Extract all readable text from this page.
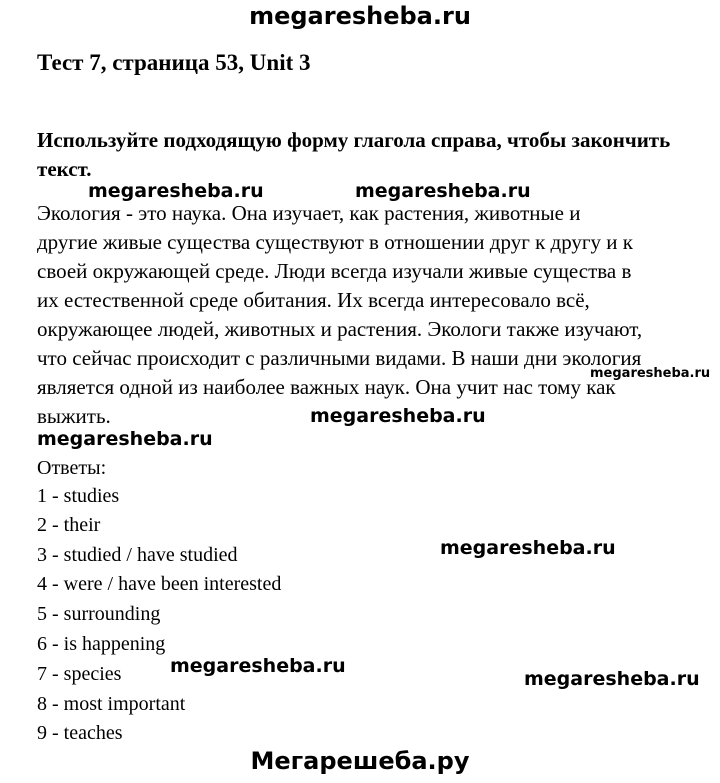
megaresheba.ru
Тест 7, страница 53, Unit 3

Используйте подходящую форму глагола справа, чтобы закончить текст.

megaresheba.ru	megaresheba.ru

Экология - это наука. Она изучает, как растения, животные и

другие живые существа существуют в отношении друг к другу и к

своей окружающей среде. Люди всегда изучали живые существа в

их естественной среде обитания. Их всегда интересовало всё,

окружающее людей, животных и растения. Экологи также изучают,

что сейчас происходит с различными видами. В наши дни экология

является одной из наиболее важных наук. Она учит нас тому как

выжить.

megaresheba.ru
megaresheba.ru
megaresheba.ru

Ответы:

1 - studies

2 - their

3 - studied / have studied

4 - were / have been interested

5 - surrounding

6 - is happening

7 - species

8 - most important

9 - teaches

megaresheba.ru
megaresheba.ru
megaresheba.ru
Мегарешеба.ру
